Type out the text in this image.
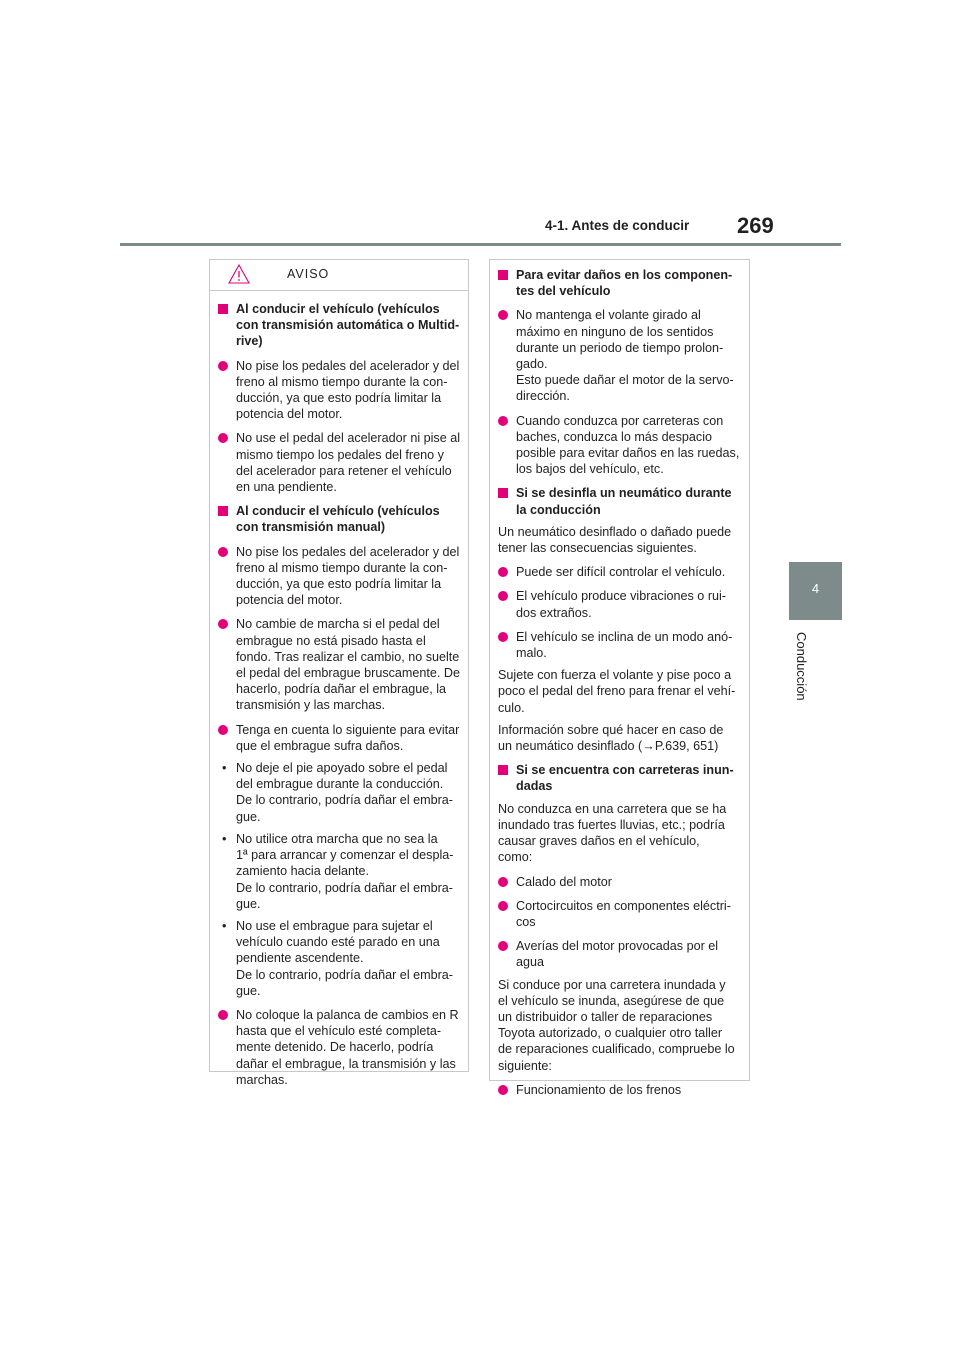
4-1. Antes de conducir 269
4
Conducción
AVISO
Al conducir el vehículo (vehículos
con transmisión automática o Multid-
rive)
No pise los pedales del acelerador y del
freno al mismo tiempo durante la con-
ducción, ya que esto podría limitar la
potencia del motor.
No use el pedal del acelerador ni pise al
mismo tiempo los pedales del freno y
del acelerador para retener el vehículo
en una pendiente.
Al conducir el vehículo (vehículos
con transmisión manual)
No pise los pedales del acelerador y del
freno al mismo tiempo durante la con-
ducción, ya que esto podría limitar la
potencia del motor.
No cambie de marcha si el pedal del
embrague no está pisado hasta el
fondo. Tras realizar el cambio, no suelte
el pedal del embrague bruscamente. De
hacerlo, podría dañar el embrague, la
transmisión y las marchas.
Tenga en cuenta lo siguiente para evitar
que el embrague sufra daños.
• No deje el pie apoyado sobre el pedal
del embrague durante la conducción.
De lo contrario, podría dañar el embra-
gue.
• No utilice otra marcha que no sea la
1ª para arrancar y comenzar el despla-
zamiento hacia delante.
De lo contrario, podría dañar el embra-
gue.
• No use el embrague para sujetar el
vehículo cuando esté parado en una
pendiente ascendente.
De lo contrario, podría dañar el embra-
gue.
No coloque la palanca de cambios en R
hasta que el vehículo esté completa-
mente detenido. De hacerlo, podría
dañar el embrague, la transmisión y las
marchas.
Para evitar daños en los componen-
tes del vehículo
No mantenga el volante girado al
máximo en ninguno de los sentidos
durante un periodo de tiempo prolon-
gado.
Esto puede dañar el motor de la servo-
dirección.
Cuando conduzca por carreteras con
baches, conduzca lo más despacio
posible para evitar daños en las ruedas,
los bajos del vehículo, etc.
Si se desinfla un neumático durante
la conducción
Un neumático desinflado o dañado puede
tener las consecuencias siguientes.
Puede ser difícil controlar el vehículo.
El vehículo produce vibraciones o rui-
dos extraños.
El vehículo se inclina de un modo anó-
malo.
Sujete con fuerza el volante y pise poco a
poco el pedal del freno para frenar el vehí-
culo.
Información sobre qué hacer en caso de
un neumático desinflado (→P.639, 651)
Si se encuentra con carreteras inun-
dadas
No conduzca en una carretera que se ha
inundado tras fuertes lluvias, etc.; podría
causar graves daños en el vehículo,
como:
Calado del motor
Cortocircuitos en componentes eléctri-
cos
Averías del motor provocadas por el
agua
Si conduce por una carretera inundada y
el vehículo se inunda, asegúrese de que
un distribuidor o taller de reparaciones
Toyota autorizado, o cualquier otro taller
de reparaciones cualificado, compruebe lo
siguiente:
Funcionamiento de los frenos
